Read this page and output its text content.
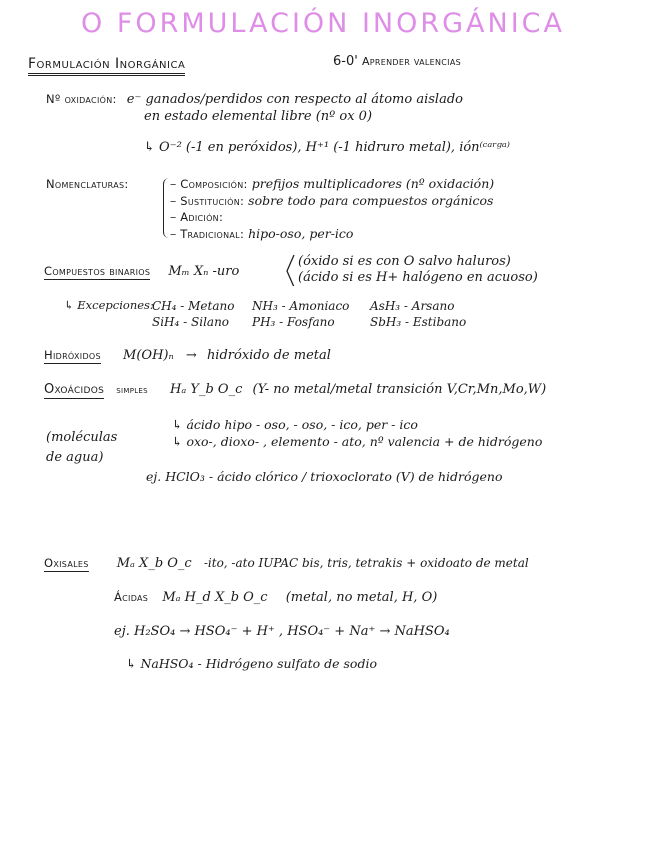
O FORMULACIÓN INORGÁNICA
Formulación Inorgánica	6-0' Aprender valencias
Nº oxidación: e⁻ ganados/perdidos con respecto al átomo aislado
en estado elemental libre (nº ox 0)
↳ O⁻² (-1 en peróxidos), H⁺¹ (-1 hidruro metal), ión⁽ᶜᵃʳᵍᵃ⁾
Nomenclaturas:	– Composición: prefijos multiplicadores (nº oxidación)
– Sustitución: sobre todo para compuestos orgánicos
– Adición:
– Tradicional: hipo-oso, per-ico
Compuestos binarios Mₘ Xₙ -uro
(óxido si es con O salvo haluros)
(ácido si es H+ halógeno en acuoso)
↳ Excepciones:
CH₄ - Metano NH₃ - Amoniaco AsH₃ - Arsano
SiH₄ - Silano PH₃ - Fosfano	SbH₃ - Estibano
Hidróxidos M(OH)ₙ → hidróxido de metal
Oxoácidos simples Hₐ Y_b O_c (Y- no metal/metal transición V,Cr,Mn,Mo,W)
(moléculas de agua)
↳ ácido hipo - oso, - oso, - ico, per - ico
↳ oxo-, dioxo- , elemento - ato, nº valencia + de hidrógeno
ej. HClO₃ - ácido clórico / trioxoclorato (V) de hidrógeno
Oxisales Mₐ X_b O_c -ito, -ato IUPAC bis, tris, tetrakis + oxidoato de metal
Ácidas Mₐ H_d X_b O_c (metal, no metal, H, O)
ej. H₂SO₄ → HSO₄⁻ + H⁺ , HSO₄⁻ + Na⁺ → NaHSO₄
↳ NaHSO₄ - Hidrógeno sulfato de sodio
